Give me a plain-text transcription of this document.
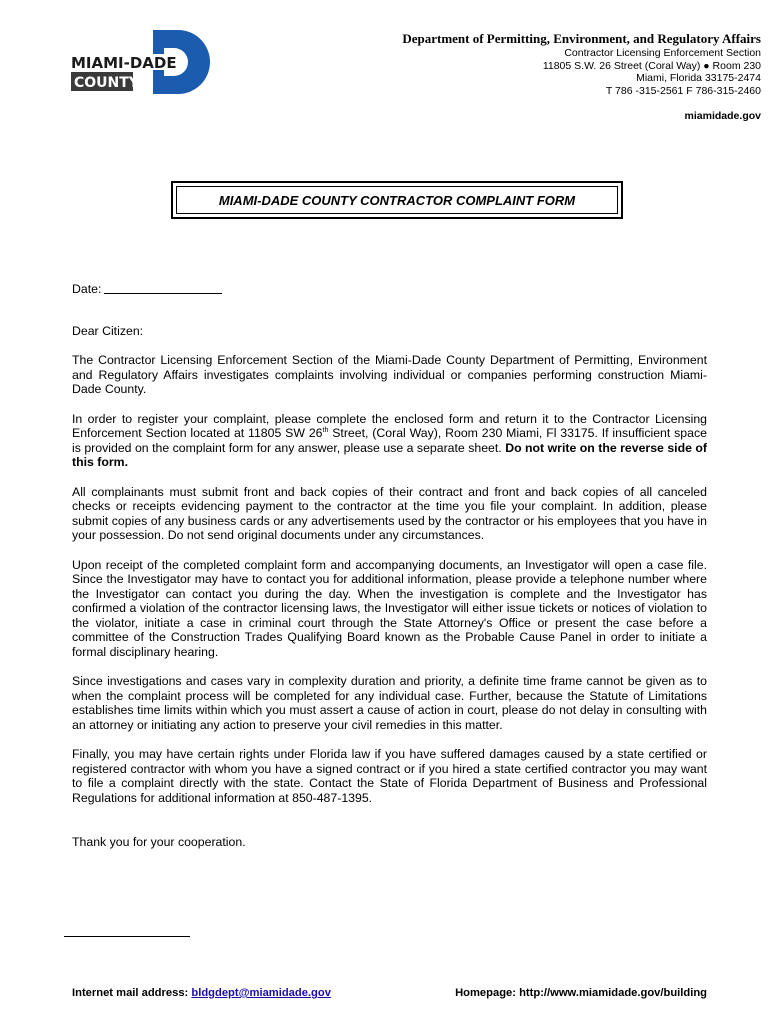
MIAMI-DADE
COUNTY
Department of Permitting, Environment, and Regulatory Affairs
Contractor Licensing Enforcement Section
11805 S.W. 26 Street (Coral Way) ● Room 230
Miami, Florida 33175-2474
T 786 -315-2561 F 786-315-2460
miamidade.gov
MIAMI-DADE COUNTY CONTRACTOR COMPLAINT FORM
Date:

Dear Citizen:

The Contractor Licensing Enforcement Section of the Miami-Dade County Department of Permitting, Environment and Regulatory Affairs investigates complaints involving individual or companies performing construction Miami-Dade County.

In order to register your complaint, please complete the enclosed form and return it to the Contractor Licensing Enforcement Section located at 11805 SW 26th Street, (Coral Way), Room 230 Miami, Fl 33175. If insufficient space is provided on the complaint form for any answer, please use a separate sheet. Do not write on the reverse side of this form.

All complainants must submit front and back copies of their contract and front and back copies of all canceled checks or receipts evidencing payment to the contractor at the time you file your complaint. In addition, please submit copies of any business cards or any advertisements used by the contractor or his employees that you have in your possession. Do not send original documents under any circumstances.

Upon receipt of the completed complaint form and accompanying documents, an Investigator will open a case file. Since the Investigator may have to contact you for additional information, please provide a telephone number where the Investigator can contact you during the day. When the investigation is complete and the Investigator has confirmed a violation of the contractor licensing laws, the Investigator will either issue tickets or notices of violation to the violator, initiate a case in criminal court through the State Attorney's Office or present the case before a committee of the Construction Trades Qualifying Board known as the Probable Cause Panel in order to initiate a formal disciplinary hearing.

Since investigations and cases vary in complexity duration and priority, a definite time frame cannot be given as to when the complaint process will be completed for any individual case. Further, because the Statute of Limitations establishes time limits within which you must assert a cause of action in court, please do not delay in consulting with an attorney or initiating any action to preserve your civil remedies in this matter.

Finally, you may have certain rights under Florida law if you have suffered damages caused by a state certified or registered contractor with whom you have a signed contract or if you hired a state certified contractor you may want to file a complaint directly with the state. Contact the State of Florida Department of Business and Professional Regulations for additional information at 850-487-1395.

Thank you for your cooperation.

Internet mail address: bldgdept@miamidade.gov	Homepage: http://www.miamidade.gov/building
